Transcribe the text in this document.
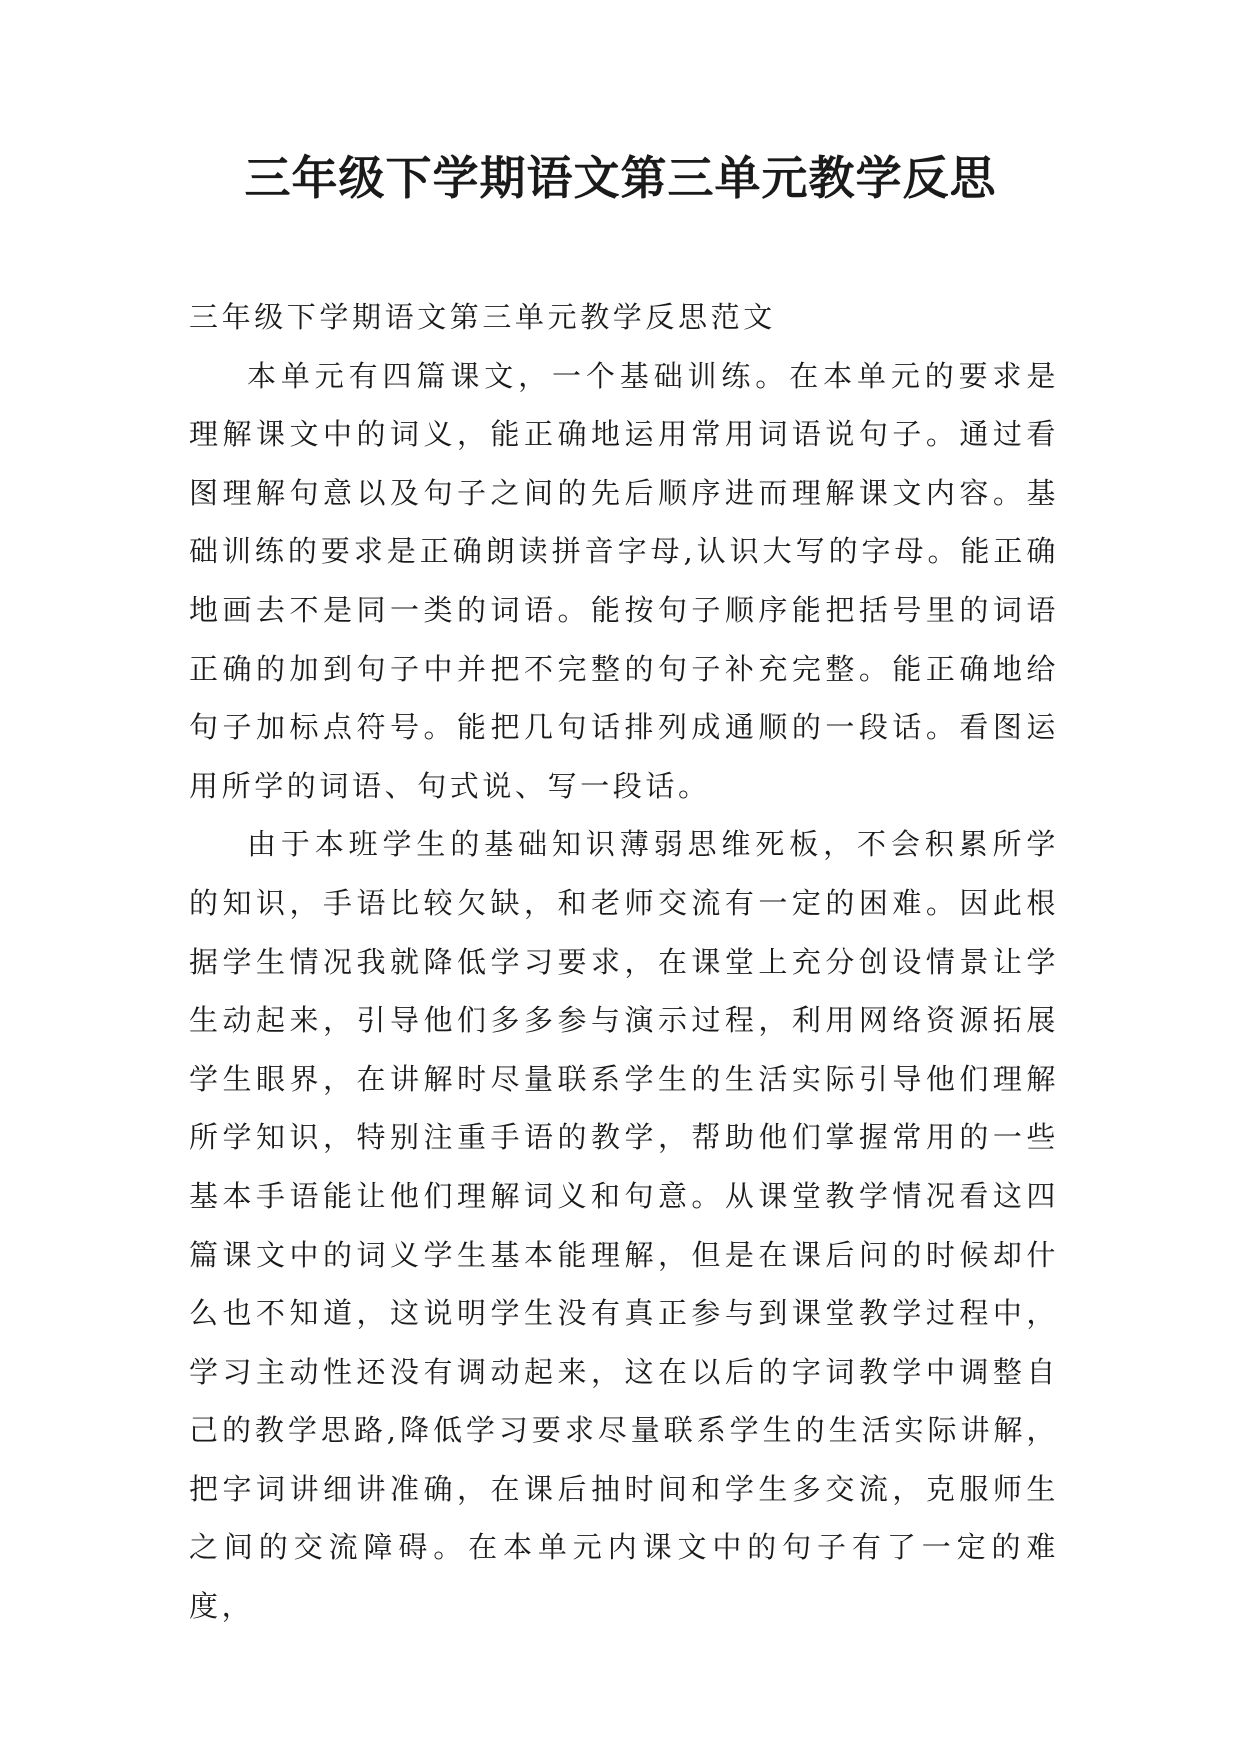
三年级下学期语文第三单元教学反思

三年级下学期语文第三单元教学反思范文

本单元有四篇课文，一个基础训练。在本单元的要求是理解课文中的词义，能正确地运用常用词语说句子。通过看图理解句意以及句子之间的先后顺序进而理解课文内容。基础训练的要求是正确朗读拼音字母,认识大写的字母。能正确地画去不是同一类的词语。能按句子顺序能把括号里的词语正确的加到句子中并把不完整的句子补充完整。能正确地给句子加标点符号。能把几句话排列成通顺的一段话。看图运用所学的词语、句式说、写一段话。

由于本班学生的基础知识薄弱思维死板，不会积累所学的知识，手语比较欠缺，和老师交流有一定的困难。因此根据学生情况我就降低学习要求，在课堂上充分创设情景让学生动起来，引导他们多多参与演示过程，利用网络资源拓展学生眼界，在讲解时尽量联系学生的生活实际引导他们理解所学知识，特别注重手语的教学，帮助他们掌握常用的一些基本手语能让他们理解词义和句意。从课堂教学情况看这四篇课文中的词义学生基本能理解，但是在课后问的时候却什么也不知道，这说明学生没有真正参与到课堂教学过程中，学习主动性还没有调动起来，这在以后的字词教学中调整自己的教学思路,降低学习要求尽量联系学生的生活实际讲解，把字词讲细讲准确，在课后抽时间和学生多交流，克服师生之间的交流障碍。在本单元内课文中的句子有了一定的难度，
